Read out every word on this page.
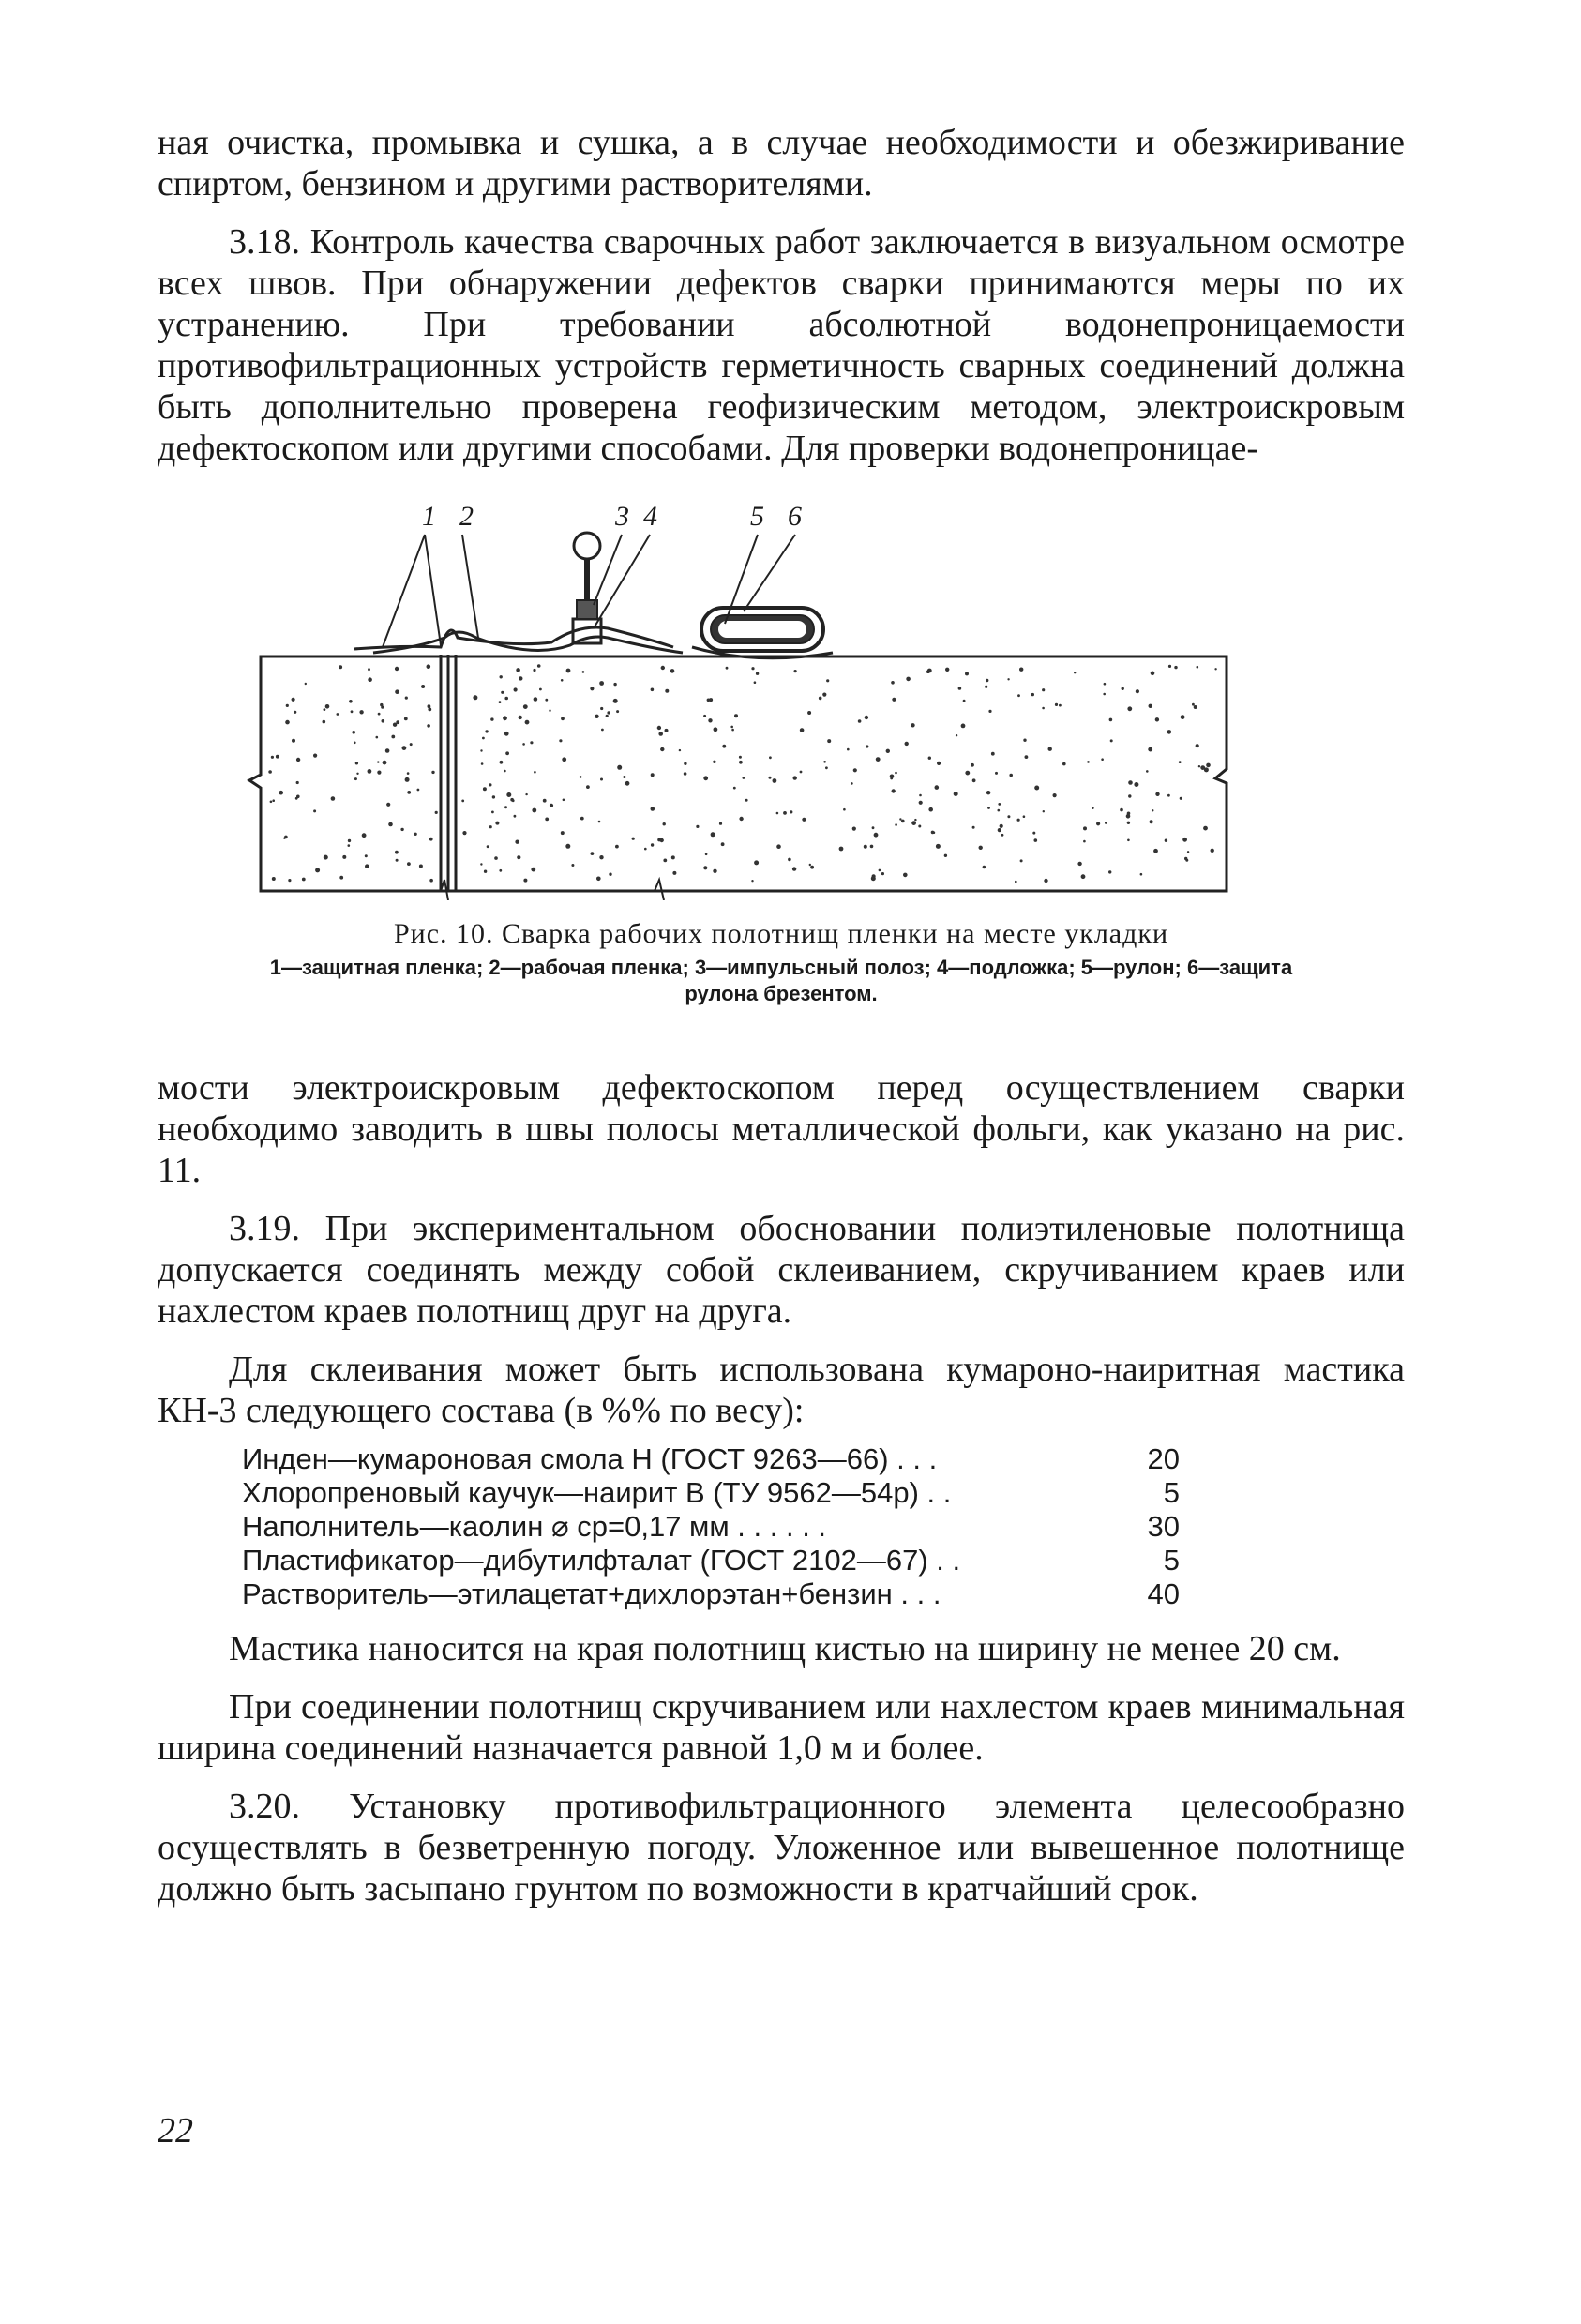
ная очистка, промывка и сушка, а в случае необходимости и обезжиривание спиртом, бензином и другими растворителями.

3.18. Контроль качества сварочных работ заключается в визуальном осмотре всех швов. При обнаружении дефектов сварки принимаются меры по их устранению. При требовании абсолютной водонепроницаемости противофильтрационных устройств герметичность сварных соединений должна быть дополнительно проверена геофизическим методом, электроискровым дефектоскопом или другими способами. Для проверки водонепроницае-

1 2	3 4	5 6
Рис. 10. Сварка рабочих полотнищ пленки на месте укладки
1—защитная пленка; 2—рабочая пленка; 3—импульсный полоз; 4—подложка; 5—рулон; 6—защита рулона брезентом.

мости электроискровым дефектоскопом перед осуществлением сварки необходимо заводить в швы полосы металлической фольги, как указано на рис. 11.

3.19. При экспериментальном обосновании полиэтиленовые полотнища допускается соединять между собой склеиванием, скручиванием краев или нахлестом краев полотнищ друг на друга.

Для склеивания может быть использована кумароно-наиритная мастика КН-3 следующего состава (в %% по весу):

Инден—кумароновая смола Н (ГОСТ 9263—66) . . .	20
Хлоропреновый каучук—наирит В (ТУ 9562—54р) . .	5
Наполнитель—каолин ⌀ ср=0,17 мм . . . . . .	30
Пластификатор—дибутилфталат (ГОСТ 2102—67) . .	5
Растворитель—этилацетат+дихлорэтан+бензин . . .	40

Мастика наносится на края полотнищ кистью на ширину не менее 20 см.

При соединении полотнищ скручиванием или нахлестом краев минимальная ширина соединений назначается равной 1,0 м и более.

3.20. Установку противофильтрационного элемента целесообразно осуществлять в безветренную погоду. Уложенное или вывешенное полотнище должно быть засыпано грунтом по возможности в кратчайший срок.

22
